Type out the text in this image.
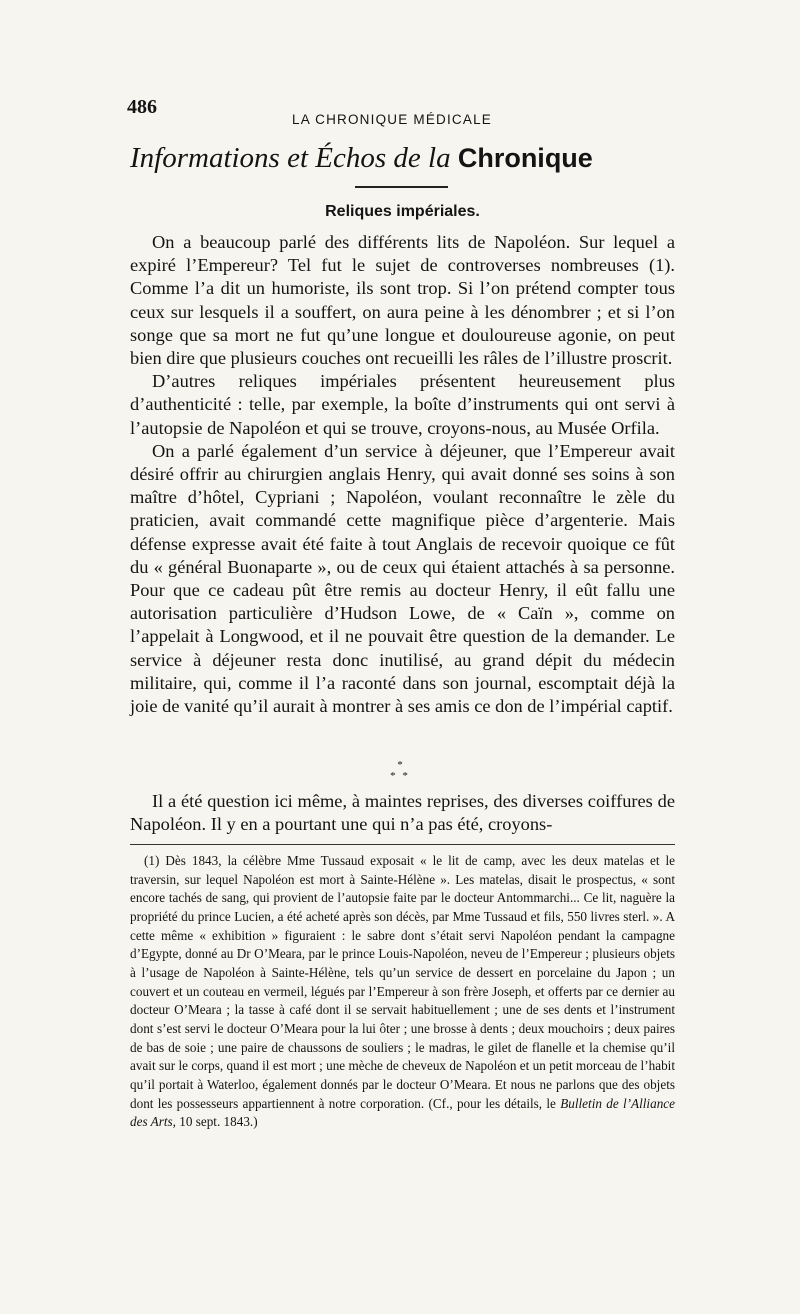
486
LA CHRONIQUE MÉDICALE
Informations et Échos de la Chronique
Reliques impériales.

On a beaucoup parlé des différents lits de Napoléon. Sur lequel a expiré l’Empereur? Tel fut le sujet de controverses nombreuses (1). Comme l’a dit un humoriste, ils sont trop. Si l’on prétend compter tous ceux sur lesquels il a souffert, on aura peine à les dénombrer ; et si l’on songe que sa mort ne fut qu’une longue et douloureuse agonie, on peut bien dire que plusieurs couches ont recueilli les râles de l’illustre proscrit.

D’autres reliques impériales présentent heureusement plus d’authenticité : telle, par exemple, la boîte d’instruments qui ont servi à l’autopsie de Napoléon et qui se trouve, croyons-nous, au Musée Orfila.

On a parlé également d’un service à déjeuner, que l’Empereur avait désiré offrir au chirurgien anglais Henry, qui avait donné ses soins à son maître d’hôtel, Cypriani ; Napoléon, voulant reconnaître le zèle du praticien, avait commandé cette magnifique pièce d’argenterie. Mais défense expresse avait été faite à tout Anglais de recevoir quoique ce fût du « général Buonaparte », ou de ceux qui étaient attachés à sa personne. Pour que ce cadeau pût être remis au docteur Henry, il eût fallu une autorisation particulière d’Hudson Lowe, de « Caïn », comme on l’appelait à Longwood, et il ne pouvait être question de la demander. Le service à déjeuner resta donc inutilisé, au grand dépit du médecin militaire, qui, comme il l’a raconté dans son journal, escomptait déjà la joie de vanité qu’il aurait à montrer à ses amis ce don de l’impérial captif.

*
* *

Il a été question ici même, à maintes reprises, des diverses coiffures de Napoléon. Il y en a pourtant une qui n’a pas été, croyons-

(1) Dès 1843, la célèbre Mme Tussaud exposait « le lit de camp, avec les deux matelas et le traversin, sur lequel Napoléon est mort à Sainte-Hélène ». Les matelas, disait le prospectus, « sont encore tachés de sang, qui provient de l’autopsie faite par le docteur Antommarchi... Ce lit, naguère la propriété du prince Lucien, a été acheté après son décès, par Mme Tussaud et fils, 550 livres sterl. ». A cette même « exhibition » figuraient : le sabre dont s’était servi Napoléon pendant la campagne d’Egypte, donné au Dr O’Meara, par le prince Louis-Napoléon, neveu de l’Empereur ; plusieurs objets à l’usage de Napoléon à Sainte-Hélène, tels qu’un service de dessert en porcelaine du Japon ; un couvert et un couteau en vermeil, légués par l’Empereur à son frère Joseph, et offerts par ce dernier au docteur O’Meara ; la tasse à café dont il se servait habituellement ; une de ses dents et l’instrument dont s’est servi le docteur O’Meara pour la lui ôter ; une brosse à dents ; deux mouchoirs ; deux paires de bas de soie ; une paire de chaussons de souliers ; le madras, le gilet de flanelle et la chemise qu’il avait sur le corps, quand il est mort ; une mèche de cheveux de Napoléon et un petit morceau de l’habit qu’il portait à Waterloo, également donnés par le docteur O’Meara. Et nous ne parlons que des objets dont les possesseurs appartiennent à notre corporation. (Cf., pour les détails, le Bulletin de l’Alliance des Arts, 10 sept. 1843.)
